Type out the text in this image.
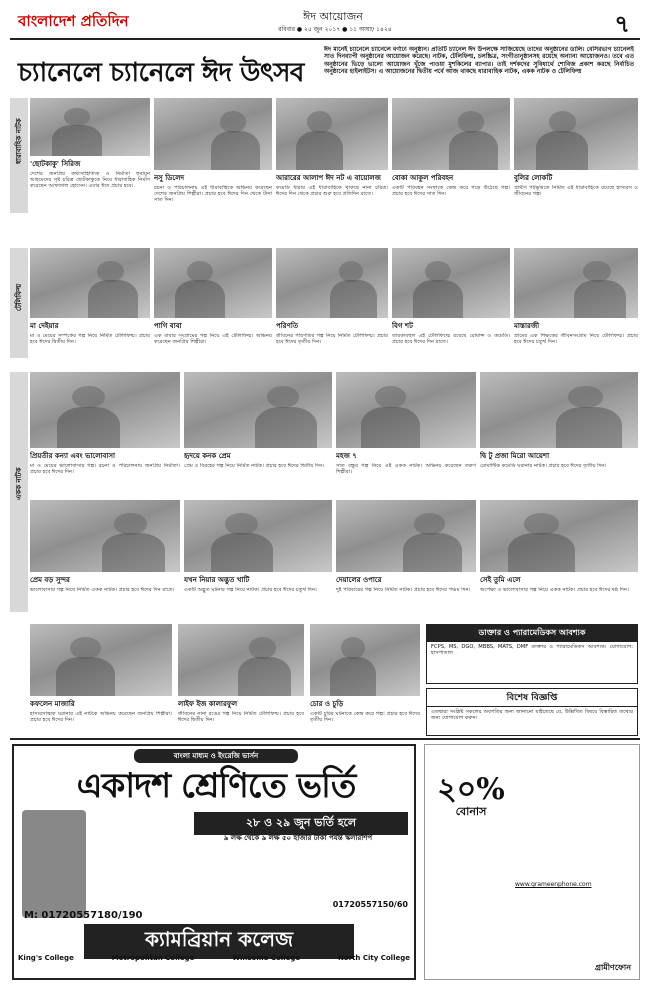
বাংলাদেশ প্রতিদিন	ঈদ আয়োজন
রবিবার ● ২৫ জুন ২০১৭ ● ১১ আষাঢ় ১৪২৪	৭
চ্যানেলে চ্যানেলে ঈদ উৎসব
ঈদ মানেই চ্যানেলে চ্যানেলে বর্ণাঢ্য অনুষ্ঠান। প্রতিটি চ্যানেল ঈদ উপলক্ষে সাজিয়েছে তাদের অনুষ্ঠানের ডালি। বেসিরভাগ চ্যানেলই সাত দিনব্যাপী অনুষ্ঠানের আয়োজন করেছে। নাটক, টেলিফিল্ম, চলচ্চিত্র, সংগীতানুষ্ঠানসহ রয়েছে অন্যান্য আয়োজনও। তবে এত অনুষ্ঠানের ভিড়ে ভালো আয়োজন খুঁজে পাওয়া মুশকিলের ব্যাপার। তাই দর্শকদের সুবিধার্থে শোবিজ প্রকাশ করছে নির্বাচিত অনুষ্ঠানের হাইলাইটস। এ আয়োজনের দ্বিতীয় পর্বে আজ থাকছে ধারাবাহিক নাটক, একক নাটক ও টেলিফিল্ম
ধারাবাহিক নাটক
টেলিফিল্ম
একক নাটক
'ছোটকাকু' সিরিজ
দেশের জনপ্রিয় কথাসাহিত্যিক ও নির্মাতা হুমায়ূন আহমেদের সৃষ্ট চরিত্র ছোটকাকুকে নিয়ে ধারাবাহিক নির্মাণ করেছেন আফজাল হোসেন। এবার ঈদে প্রচার হবে।
নসু ডিলেদ
রচনা ও পরিচালনায় এই ধারাবাহিকে অভিনয় করেছেন দেশের জনপ্রিয় শিল্পীরা। প্রচার হবে ঈদের দিন থেকে টানা সাত দিন।
আরারের আলাপ ঈদ নট এ বায়োলজ
কমেডি ধারার এই ধারাবাহিকে থাকছে নানা চরিত্র। ঈদের দিন থেকে প্রচার শুরু হবে প্রতিদিন রাতে।
বোকা আকুল পরিবহন
একটি পরিবহন সংস্থাকে কেন্দ্র করে গড়ে উঠেছে গল্প। প্রচার হবে ঈদের সাত দিন।
বুলির লোকটি
গ্রামীণ পটভূমিতে নির্মিত এই ধারাবাহিকে রয়েছে হাস্যরস ও জীবনের গল্প।
মা দেইয়ার
মা ও মেয়ের সম্পর্কের গল্প নিয়ে নির্মিত টেলিফিল্ম। প্রচার হবে ঈদের দ্বিতীয় দিন।
পাগি বাবা
এক বাবার সংগ্রামের গল্প নিয়ে এই টেলিফিল্ম। অভিনয় করেছেন জনপ্রিয় শিল্পীরা।
পরিণতি
জীবনের পরিণতির গল্প নিয়ে নির্মিত টেলিফিল্ম। প্রচার হবে ঈদের তৃতীয় দিন।
বিগ শট
তারকাবহুল এই টেলিফিল্মে রয়েছে রোমান্স ও কমেডি। প্রচার হবে ঈদের দিন রাতে।
মাস্তারজী
গ্রামের এক শিক্ষকের জীবনসংগ্রাম নিয়ে টেলিফিল্ম। প্রচার হবে ঈদের চতুর্থ দিন।
প্রিয়তীর কন্যা এবং ভালোবাসা
মা ও মেয়ের ভালোবাসার গল্প। রচনা ও পরিচালনায় জনপ্রিয় নির্মাতা। প্রচার হবে ঈদের দিন।
হৃদয়ে কনক প্রেম
প্রেম ও বিরহের গল্প নিয়ে নির্মিত নাটক। প্রচার হবে ঈদের দ্বিতীয় দিন।
মহজ ৭
সাত বন্ধুর গল্প নিয়ে এই একক নাটক। অভিনয় করেছেন তরুণ শিল্পীরা।
দ্বি টু প্রজা মিরো আয়েশা
রোমান্টিক কমেডি ঘরানার নাটক। প্রচার হবে ঈদের তৃতীয় দিন।
প্রেম বড় সুন্দর
ভালোবাসার গল্প নিয়ে নির্মিত একক নাটক। প্রচার হবে ঈদের দিন রাতে।
যখন নিয়ার অদ্ভুত খাটি
একটি অদ্ভুত ঘটনার গল্প নিয়ে নাটক। প্রচার হবে ঈদের চতুর্থ দিন।
দেয়ালের ওপারে
দুই পরিবারের গল্প নিয়ে নির্মিত নাটক। প্রচার হবে ঈদের পঞ্চম দিন।
সেই তুমি এলে
অপেক্ষা ও ভালোবাসার গল্প নিয়ে একক নাটক। প্রচার হবে ঈদের ষষ্ঠ দিন।
কফলেন মাজারি
হাস্যরসাত্মক ঘরানার এই নাটকে অভিনয় করেছেন জনপ্রিয় শিল্পীরা। প্রচার হবে ঈদের দিন।
লাইফ ইজ কালারফুল
জীবনের নানা রঙের গল্প নিয়ে নির্মিত টেলিফিল্ম। প্রচার হবে ঈদের দ্বিতীয় দিন।
চোর ও চুড়ি
একটি চুরির ঘটনাকে কেন্দ্র করে গল্প। প্রচার হবে ঈদের তৃতীয় দিন।
ডাক্তার ও প্যারামেডিকস আবশ্যক
FCPS, MS, DGO, MBBS, MATS, DMF ডাক্তার ও প্যারামেডিকস আবশ্যক। যোগাযোগ: হাসপাতাল
বিশেষ বিজ্ঞপ্তি
এতদ্বারা সংশ্লিষ্ট সকলের অবগতির জন্য জানানো যাইতেছে যে, উল্লিখিত বিষয়ে বিস্তারিত তথ্যের জন্য যোগাযোগ করুন।
বাংলা মাধ্যম ও ইংরেজি ভার্সন
একাদশ শ্রেণিতে ভর্তি
২৮ ও ২৯ জুন ভর্তি হলে
৯ লক্ষ থেকে ৯ লক্ষ ৫০ হাজার টাকা পর্যন্ত স্কলারশিপ
M: 01720557180/190
ক্যামব্রিয়ান কলেজ
01720557150/60
King's College	Metropolitan College	Winsome College	North City College
২০%
বোনাস
www.grameenphone.com
গ্রামীণফোন
